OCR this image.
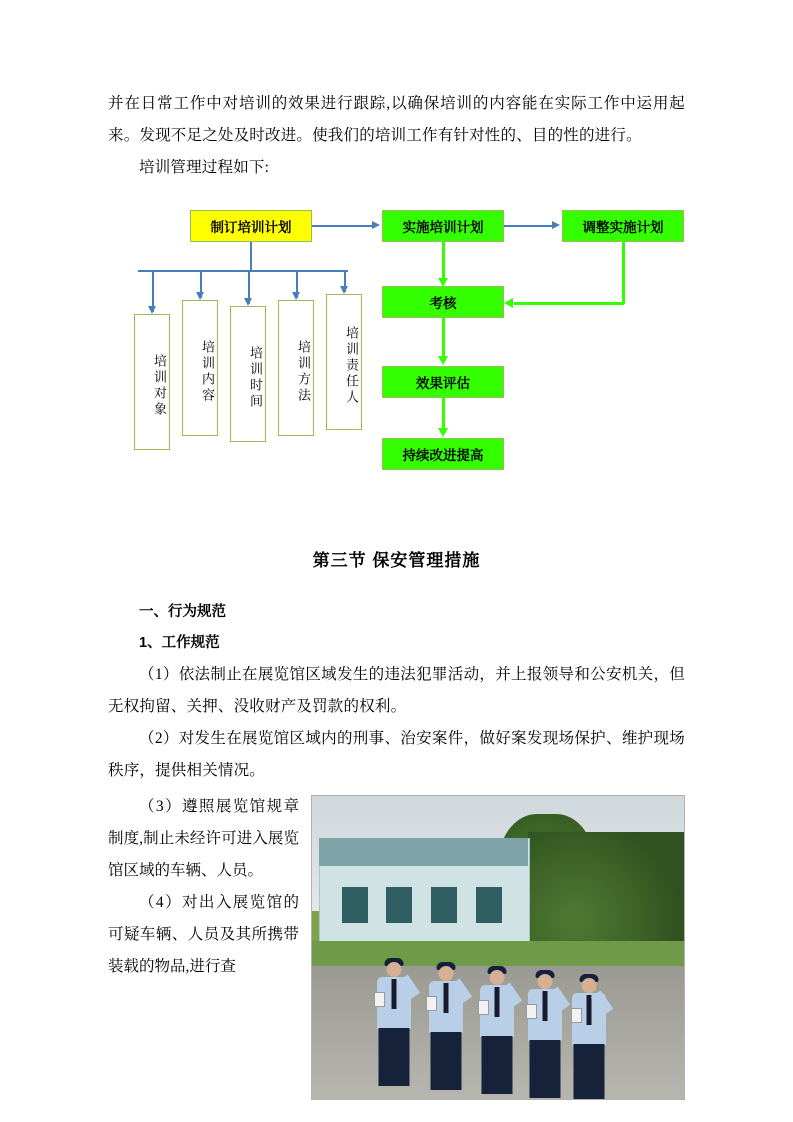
并在日常工作中对培训的效果进行跟踪,以确保培训的内容能在实际工作中运用起来。发现不足之处及时改进。使我们的培训工作有针对性的、目的性的进行。

培训管理过程如下:

制订培训计划	实施培训计划	调整实施计划
考核
效果评估
持续改进提高
培训对象	培训内容	培训时间	培训方法	培训责任人
第三节 保安管理措施
一、行为规范
1、工作规范

（1）依法制止在展览馆区域发生的违法犯罪活动，并上报领导和公安机关，但无权拘留、关押、没收财产及罚款的权利。

（2）对发生在展览馆区域内的刑事、治安案件，做好案发现场保护、维护现场秩序，提供相关情况。

（3）遵照展览馆规章制度,制止未经许可进入展览馆区域的车辆、人员。

（4）对出入展览馆的可疑车辆、人员及其所携带装载的物品,进行查
